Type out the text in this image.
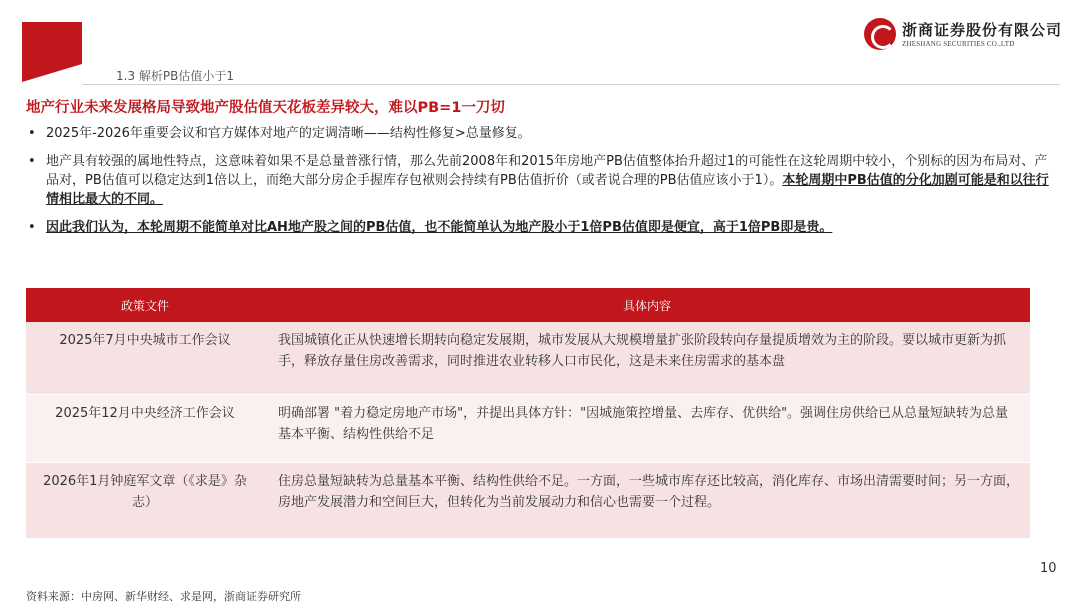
1.3 解析PB估值小于1
浙商证券股份有限公司
ZHESHANG SECURITIES CO.,LTD
地产行业未来发展格局导致地产股估值天花板差异较大，难以PB=1一刀切

• 2025年-2026年重要会议和官方媒体对地产的定调清晰——结构性修复>总量修复。

• 地产具有较强的属地性特点，这意味着如果不是总量普涨行情，那么先前2008年和2015年房地产PB估值整体抬升超过1的可能性在这轮周期中较小，个别标的因为布局对、产品对，PB估值可以稳定达到1倍以上，而绝大部分房企手握库存包袱则会持续有PB估值折价（或者说合理的PB估值应该小于1）。本轮周期中PB估值的分化加剧可能是和以往行情相比最大的不同。

• 因此我们认为，本轮周期不能简单对比AH地产股之间的PB估值，也不能简单认为地产股小于1倍PB估值即是便宜，高于1倍PB即是贵。

政策文件	具体内容
2025年7月中央城市工作会议	我国城镇化正从快速增长期转向稳定发展期，城市发展从大规模增量扩张阶段转向存量提质增效为主的阶段。要以城市更新为抓手，释放存量住房改善需求，同时推进农业转移人口市民化，这是未来住房需求的基本盘
2025年12月中央经济工作会议	明确部署 "着力稳定房地产市场"，并提出具体方针："因城施策控增量、去库存、优供给"。强调住房供给已从总量短缺转为总量基本平衡、结构性供给不足
2026年1月钟庭军文章（《求是》杂志）	住房总量短缺转为总量基本平衡、结构性供给不足。一方面，一些城市库存还比较高，消化库存、市场出清需要时间；另一方面，房地产发展潜力和空间巨大，但转化为当前发展动力和信心也需要一个过程。
10
资料来源：中房网、新华财经、求是网，浙商证券研究所
